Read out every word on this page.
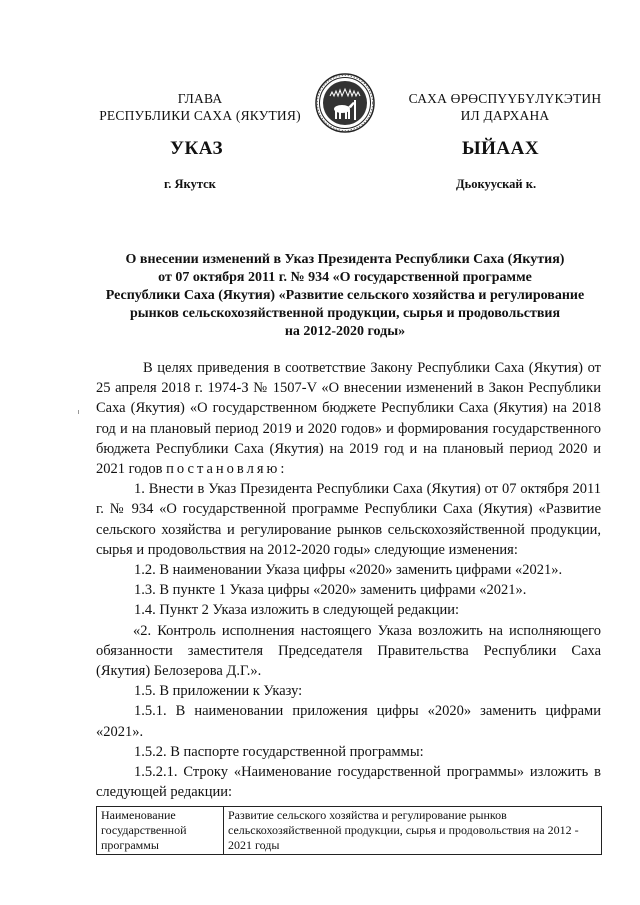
ГЛАВА
РЕСПУБЛИКИ САХА (ЯКУТИЯ)
САХА ӨРӨСПҮҮБҮЛҮКЭТИН
ИЛ ДАРХАНА
УКАЗ	ЫЙААХ
г. Якутск	Дьокуускай к.
О внесении изменений в Указ Президента Республики Саха (Якутия)
от 07 октября 2011 г. № 934 «О государственной программе
Республики Саха (Якутия) «Развитие сельского хозяйства и регулирование
рынков сельскохозяйственной продукции, сырья и продовольствия
на 2012-2020 годы»

В целях приведения в соответствие Закону Республики Саха (Якутия) от 25 апреля 2018 г. 1974-З № 1507-V «О внесении изменений в Закон Республики Саха (Якутия) «О государственном бюджете Республики Саха (Якутия) на 2018 год и на плановый период 2019 и 2020 годов» и формирования государственного бюджета Республики Саха (Якутия) на 2019 год и на плановый период 2020 и 2021 годов постановляю:

1. Внести в Указ Президента Республики Саха (Якутия) от 07 октября 2011 г. № 934 «О государственной программе Республики Саха (Якутия) «Развитие сельского хозяйства и регулирование рынков сельскохозяйственной продукции, сырья и продовольствия на 2012-2020 годы» следующие изменения:

1.2. В наименовании Указа цифры «2020» заменить цифрами «2021».

1.3. В пункте 1 Указа цифры «2020» заменить цифрами «2021».

1.4. Пункт 2 Указа изложить в следующей редакции:

«2. Контроль исполнения настоящего Указа возложить на исполняющего обязанности заместителя Председателя Правительства Республики Саха (Якутия) Белозерова Д.Г.».

1.5. В приложении к Указу:

1.5.1. В наименовании приложения цифры «2020» заменить цифрами «2021».

1.5.2. В паспорте государственной программы:

1.5.2.1. Строку «Наименование государственной программы» изложить в следующей редакции:

Наименование государственной программы	Развитие сельского хозяйства и регулирование рынков сельскохозяйственной продукции, сырья и продовольствия на 2012 - 2021 годы
